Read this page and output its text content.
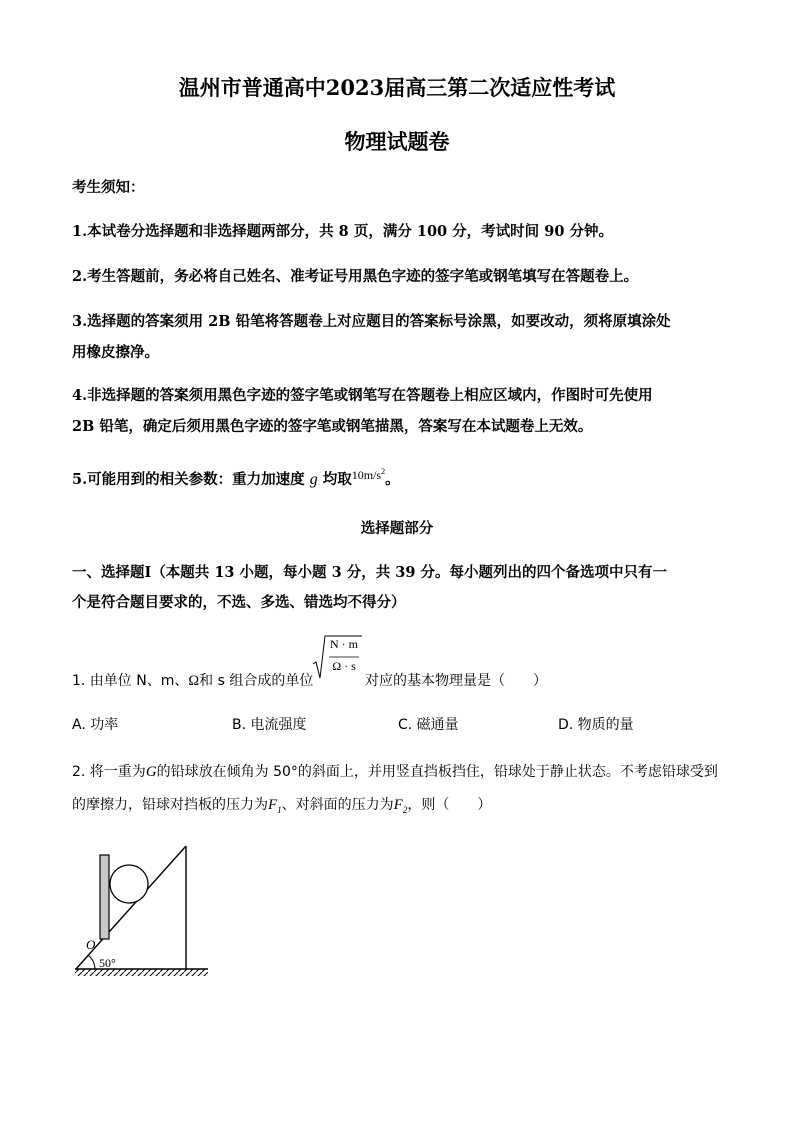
温州市普通高中2023届高三第二次适应性考试
物理试题卷
考生须知：
1.本试卷分选择题和非选择题两部分，共 8 页，满分 100 分，考试时间 90 分钟。
2.考生答题前，务必将自己姓名、准考证号用黑色字迹的签字笔或钢笔填写在答题卷上。
3.选择题的答案须用 2B 铅笔将答题卷上对应题目的答案标号涂黑，如要改动，须将原填涂处
用橡皮擦净。
4.非选择题的答案须用黑色字迹的签字笔或钢笔写在答题卷上相应区域内，作图时可先使用
2B 铅笔，确定后须用黑色字迹的签字笔或钢笔描黑，答案写在本试题卷上无效。
5.可能用到的相关参数：重力加速度 g 均取$^{10m/s^2}$。
选择题部分
一、选择题Ⅰ（本题共 13 小题，每小题 3 分，共 39 分。每小题列出的四个备选项中只有一
个是符合题目要求的，不选、多选、错选均不得分）
1. 由单位 N、m、Ω和 s 组合成的单位
N · m
Ω · s
对应的基本物理量是（　　）
A. 功率	B. 电流强度	C. 磁通量	D. 物质的量
2. 将一重为G的铅球放在倾角为 50°的斜面上，并用竖直挡板挡住，铅球处于静止状态。不考虑铅球受到
的摩擦力，铅球对挡板的压力为$F_1$、对斜面的压力为$F_2$，则（　　）
O
50°
